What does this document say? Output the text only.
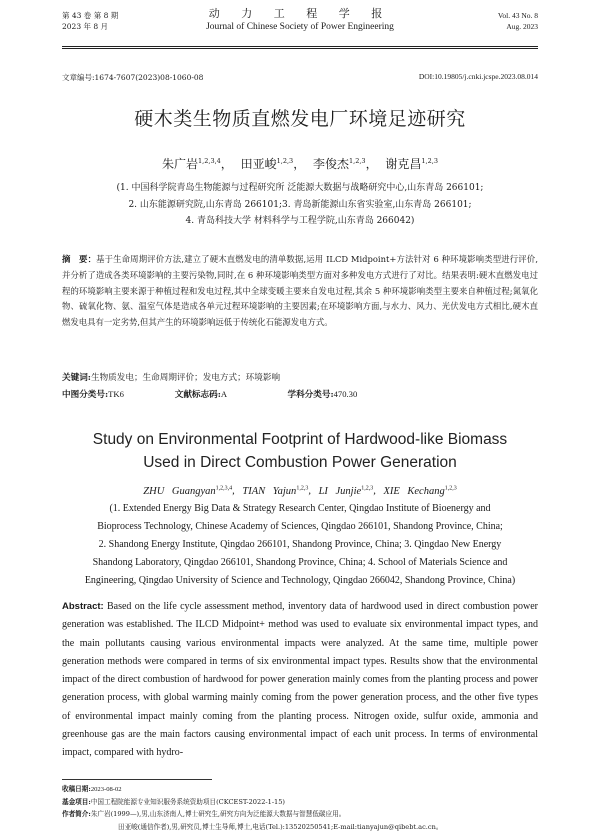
第 43 卷 第 8 期
2023 年 8 月
动 力 工 程 学 报
Journal of Chinese Society of Power Engineering
Vol. 43 No. 8
Aug. 2023
文章编号:1674-7607(2023)08-1060-08	DOI:10.19805/j.cnki.jcspe.2023.08.014
硬木类生物质直燃发电厂环境足迹研究
朱广岩$^{1,2,3,4}$， 田亚峻$^{1,2,3}$， 李俊杰$^{1,2,3}$， 谢克昌$^{1,2,3}$
(1. 中国科学院青岛生物能源与过程研究所 泛能源大数据与战略研究中心,山东青岛 266101;
2. 山东能源研究院,山东青岛 266101;3. 青岛新能源山东省实验室,山东青岛 266101;
4. 青岛科技大学 材料科学与工程学院,山东青岛 266042)
摘　要：基于生命周期评价方法,建立了硬木直燃发电的清单数据,运用 ILCD Midpoint+方法针对 6 种环境影响类型进行评价,并分析了造成各类环境影响的主要污染物,同时,在 6 种环境影响类型方面对多种发电方式进行了对比。结果表明:硬木直燃发电过程的环境影响主要来源于种植过程和发电过程,其中全球变暖主要来自发电过程,其余 5 种环境影响类型主要来自种植过程;氮氧化物、硫氧化物、氨、温室气体是造成各单元过程环境影响的主要因素;在环境影响方面,与水力、风力、光伏发电方式相比,硬木直燃发电具有一定劣势,但其产生的环境影响远低于传统化石能源发电方式。
关键词:生物质发电；生命周期评价；发电方式；环境影响
中图分类号:TK6	文献标志码:A	学科分类号:470.30
Study on Environmental Footprint of Hardwood-like Biomass
Used in Direct Combustion Power Generation
ZHU Guangyan$^{1,2,3,4}$, TIAN Yajun$^{1,2,3}$, LI Junjie$^{1,2,3}$, XIE Kechang$^{1,2,3}$
(1. Extended Energy Big Data & Strategy Research Center, Qingdao Institute of Bioenergy and
Bioprocess Technology, Chinese Academy of Sciences, Qingdao 266101, Shandong Province, China;
2. Shandong Energy Institute, Qingdao 266101, Shandong Province, China; 3. Qingdao New Energy
Shandong Laboratory, Qingdao 266101, Shandong Province, China; 4. School of Materials Science and
Engineering, Qingdao University of Science and Technology, Qingdao 266042, Shandong Province, China)
Abstract: Based on the life cycle assessment method, inventory data of hardwood used in direct combustion power generation was established. The ILCD Midpoint+ method was used to evaluate six environmental impact types, and the main pollutants causing various environmental impacts were analyzed. At the same time, multiple power generation methods were compared in terms of six environmental impact types. Results show that the environmental impact of the direct combustion of hardwood for power generation mainly comes from the planting process and power generation process, with global warming mainly coming from the power generation process, and the other five types of environmental impact mainly coming from the planting process. Nitrogen oxide, sulfur oxide, ammonia and greenhouse gas are the main factors causing environmental impact of each unit process. In terms of environmental impact, compared with hydro-
收稿日期:2023-08-02
基金项目:中国工程院能源专业知识服务系统资助项目(CKCEST-2022-1-15)
作者简介:朱广岩(1999—),男,山东济南人,博士研究生,研究方向为泛能源大数据与智慧低碳应用。
田亚峻(通信作者),男,研究员,博士生导师,博士,电话(Tel.):13520250541;E-mail:tianyajun@qibebt.ac.cn。
